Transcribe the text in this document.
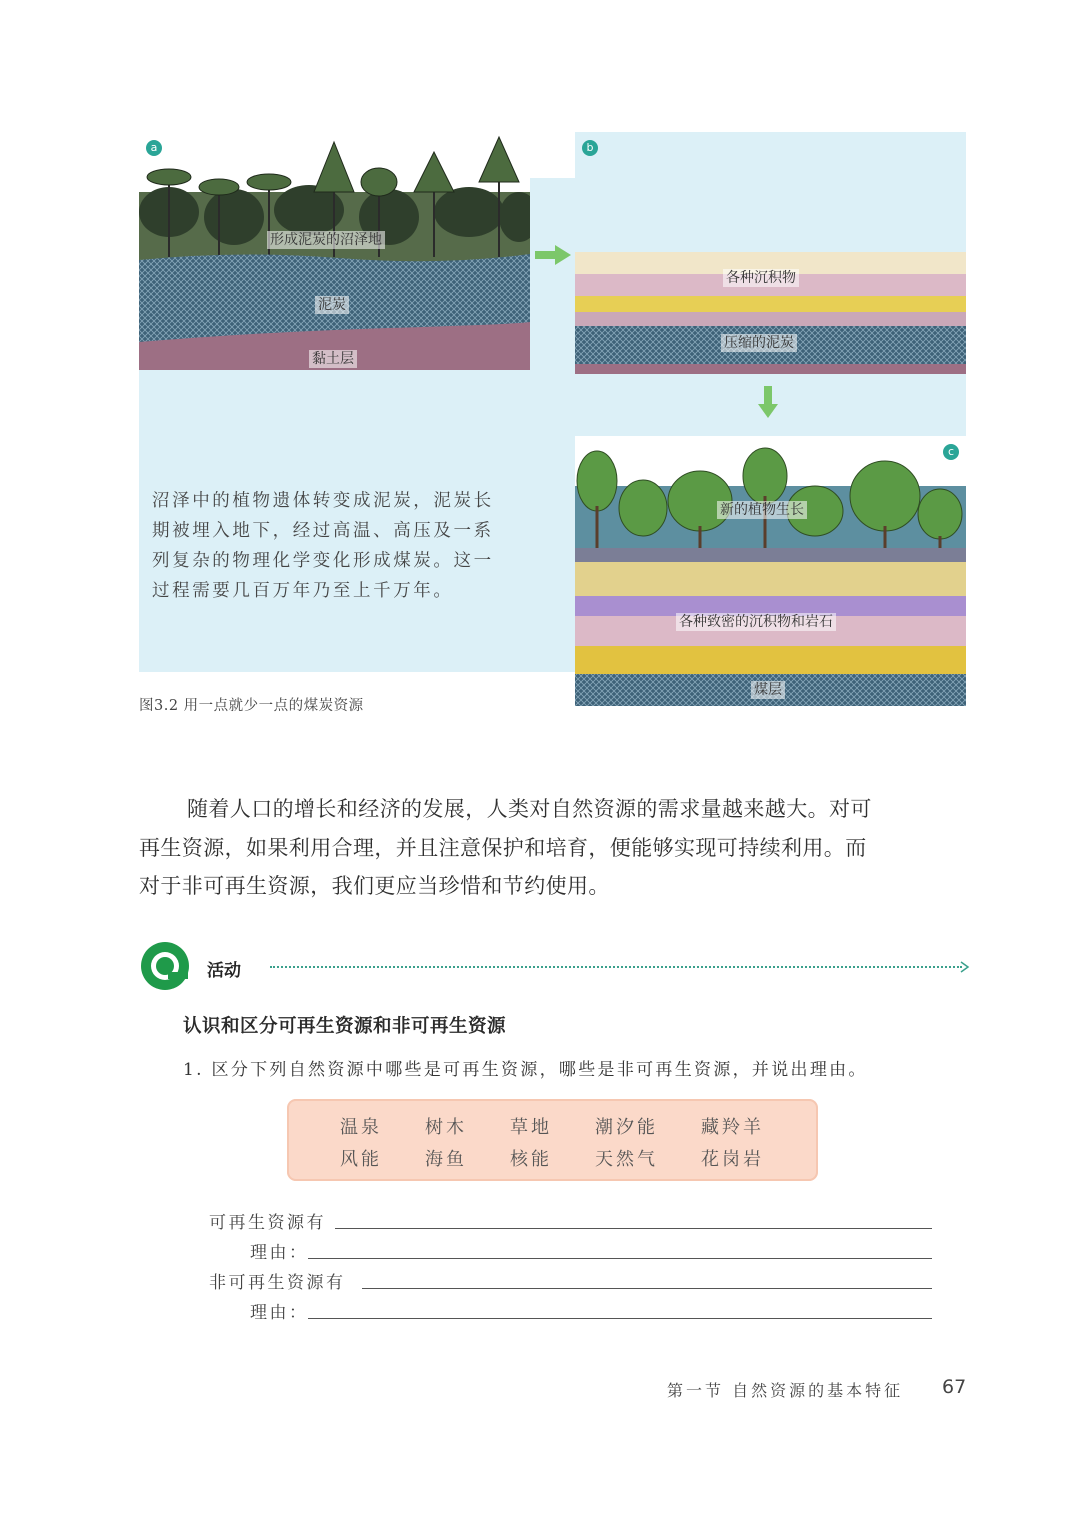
a
形成泥炭的沼泽地
泥炭
黏土层
b
各种沉积物
压缩的泥炭
c
新的植物生长
各种致密的沉积物和岩石
煤层
沼泽中的植物遗体转变成泥炭，泥炭长
期被埋入地下，经过高温、高压及一系
列复杂的物理化学变化形成煤炭。这一
过程需要几百万年乃至上千万年。
图3.2 用一点就少一点的煤炭资源
随着人口的增长和经济的发展，人类对自然资源的需求量越来越大。对可
再生资源，如果利用合理，并且注意保护和培育，便能够实现可持续利用。而
对于非可再生资源，我们更应当珍惜和节约使用。
活动
认识和区分可再生资源和非可再生资源
1. 区分下列自然资源中哪些是可再生资源，哪些是非可再生资源，并说出理由。
温泉 树木 草地 潮汐能 藏羚羊
风能 海鱼 核能 天然气 花岗岩
可再生资源有
理由：
非可再生资源有
理由：
第一节 自然资源的基本特征 67
